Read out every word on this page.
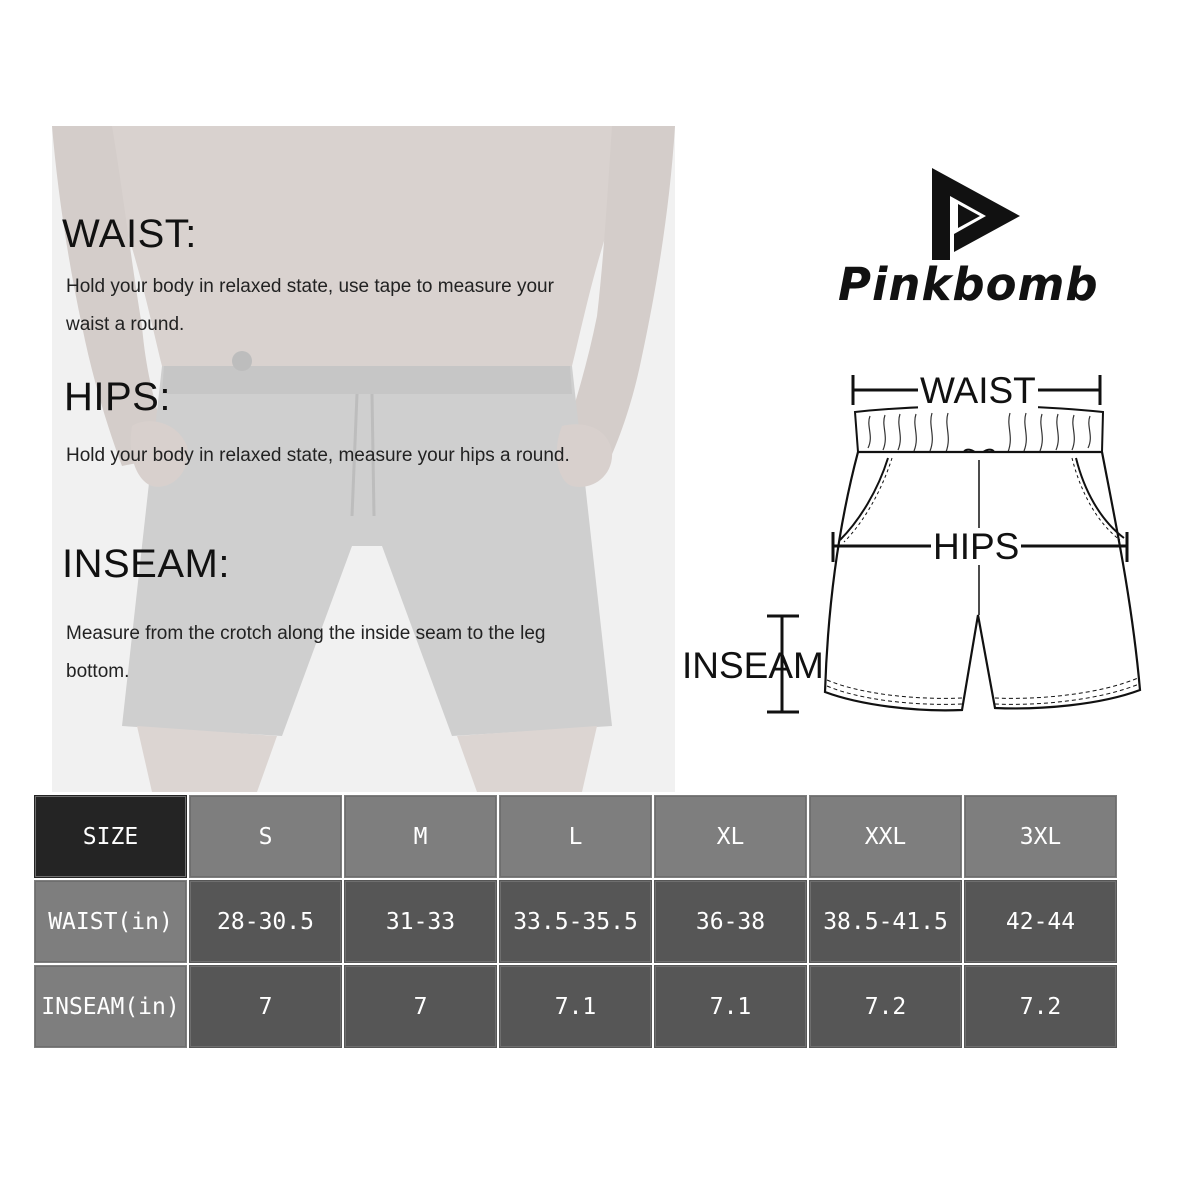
WAIST:

Hold your body in relaxed state, use tape to measure your waist a round.

HIPS:

Hold your body in relaxed state, measure your hips a round.

INSEAM:

Measure from the crotch along the inside seam to the leg bottom.

Pinkbomb
WAIST
HIPS
INSEAM
SIZE	S	M	L	XL	XXL	3XL
WAIST(in)	28-30.5	31-33	33.5-35.5	36-38	38.5-41.5	42-44
INSEAM(in)	7	7	7.1	7.1	7.2	7.2
